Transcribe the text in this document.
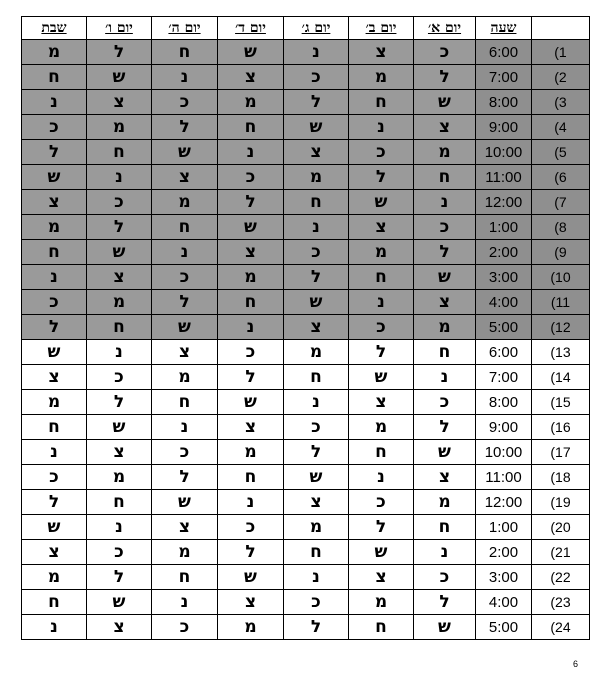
שבת	יום ו׳	יום ה׳	יום ד׳	יום ג׳	יום ב׳	יום א׳	שעה	
מ	ל	ח	ש	נ	צ	כ	6:00	(1
ח	ש	נ	צ	כ	מ	ל	7:00	(2
נ	צ	כ	מ	ל	ח	ש	8:00	(3
כ	מ	ל	ח	ש	נ	צ	9:00	(4
ל	ח	ש	נ	צ	כ	מ	10:00	(5
ש	נ	צ	כ	מ	ל	ח	11:00	(6
צ	כ	מ	ל	ח	ש	נ	12:00	(7
מ	ל	ח	ש	נ	צ	כ	1:00	(8
ח	ש	נ	צ	כ	מ	ל	2:00	(9
נ	צ	כ	מ	ל	ח	ש	3:00	(10
כ	מ	ל	ח	ש	נ	צ	4:00	(11
ל	ח	ש	נ	צ	כ	מ	5:00	(12
ש	נ	צ	כ	מ	ל	ח	6:00	(13
צ	כ	מ	ל	ח	ש	נ	7:00	(14
מ	ל	ח	ש	נ	צ	כ	8:00	(15
ח	ש	נ	צ	כ	מ	ל	9:00	(16
נ	צ	כ	מ	ל	ח	ש	10:00	(17
כ	מ	ל	ח	ש	נ	צ	11:00	(18
ל	ח	ש	נ	צ	כ	מ	12:00	(19
ש	נ	צ	כ	מ	ל	ח	1:00	(20
צ	כ	מ	ל	ח	ש	נ	2:00	(21
מ	ל	ח	ש	נ	צ	כ	3:00	(22
ח	ש	נ	צ	כ	מ	ל	4:00	(23
נ	צ	כ	מ	ל	ח	ש	5:00	(24
6
